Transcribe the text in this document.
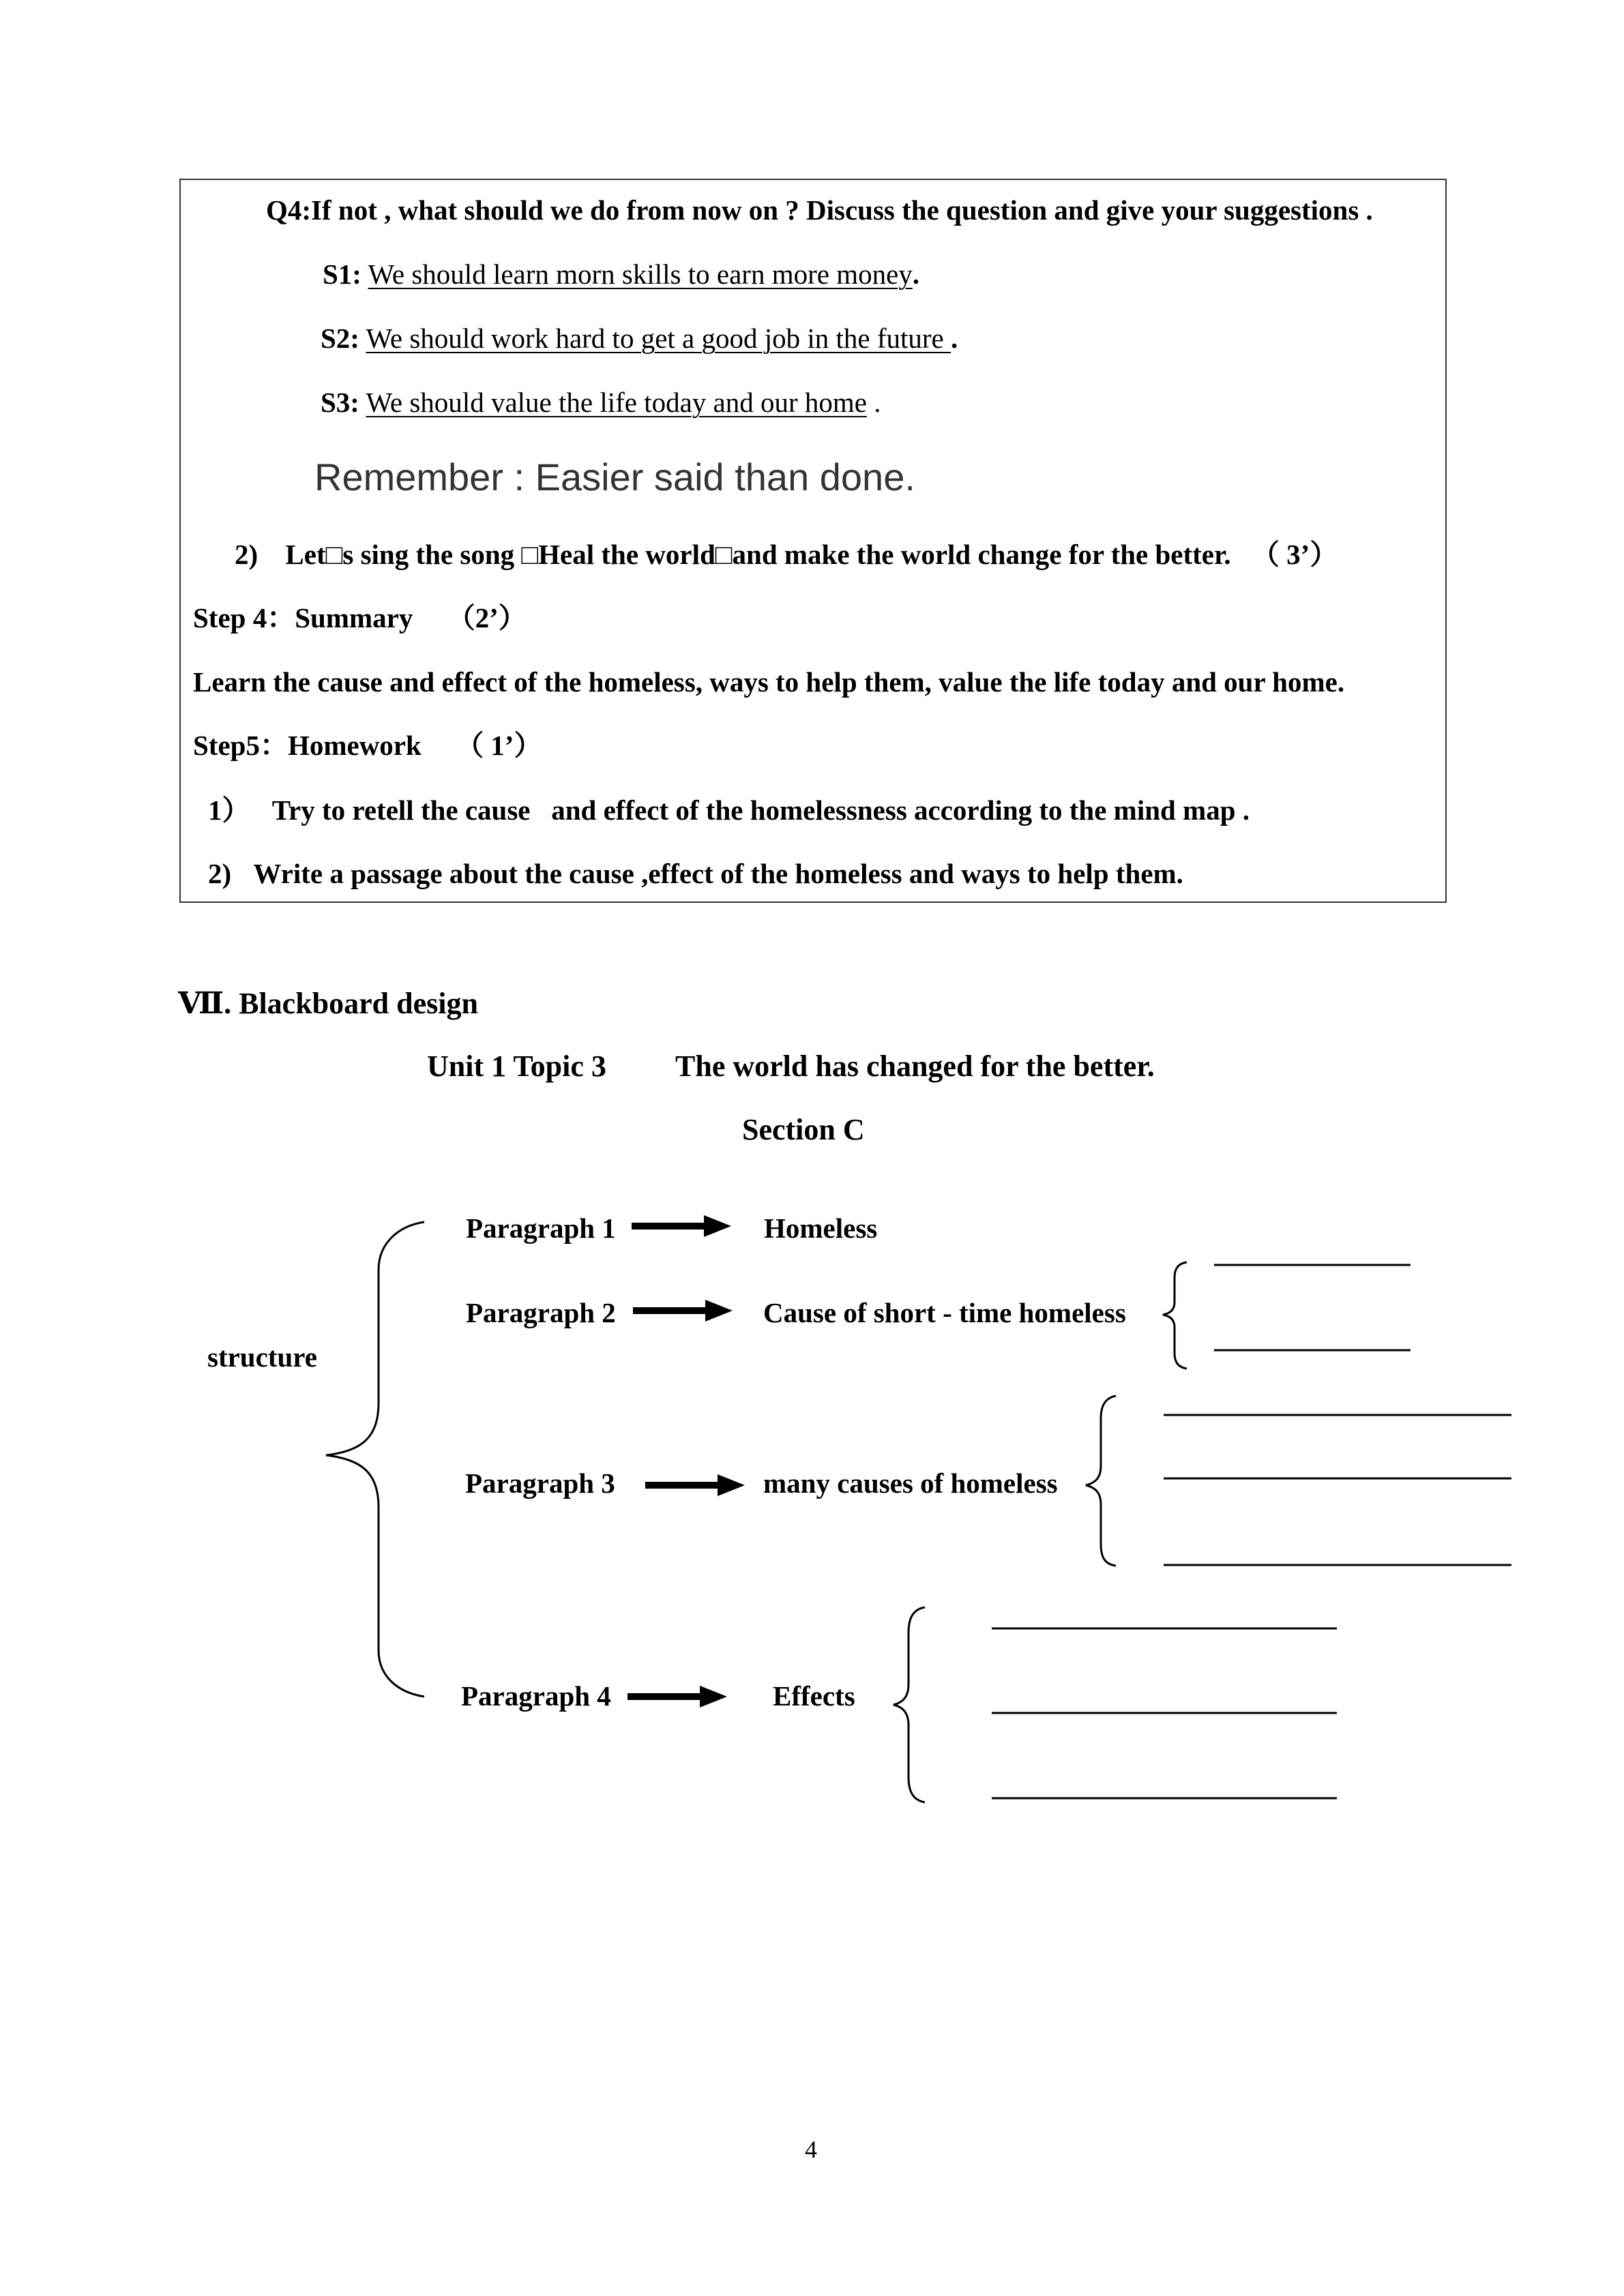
Q4:If not , what should we do from now on ? Discuss the question and give your suggestions .
S1: We should learn morn skills to earn more money.
S2: We should work hard to get a good job in the future .
S3: We should value the life today and our home .
Remember : Easier said than done.
2) Let□s sing the song □Heal the world□and make the world change for the better. （ 3’）
Step 4：Summary （2’）
Learn the cause and effect of the homeless, ways to help them, value the life today and our home.
Step5：Homework （ 1’）
1） Try to retell the cause   and effect of the homelessness according to the mind map .
2) Write a passage about the cause ,effect of the homeless and ways to help them.
Ⅶ. Blackboard design
Unit 1 Topic 3 The world has changed for the better.
Section C
structure
Paragraph 1	Homeless
Paragraph 2	Cause of short - time homeless
Paragraph 3	many causes of homeless
Paragraph 4	Effects
4
